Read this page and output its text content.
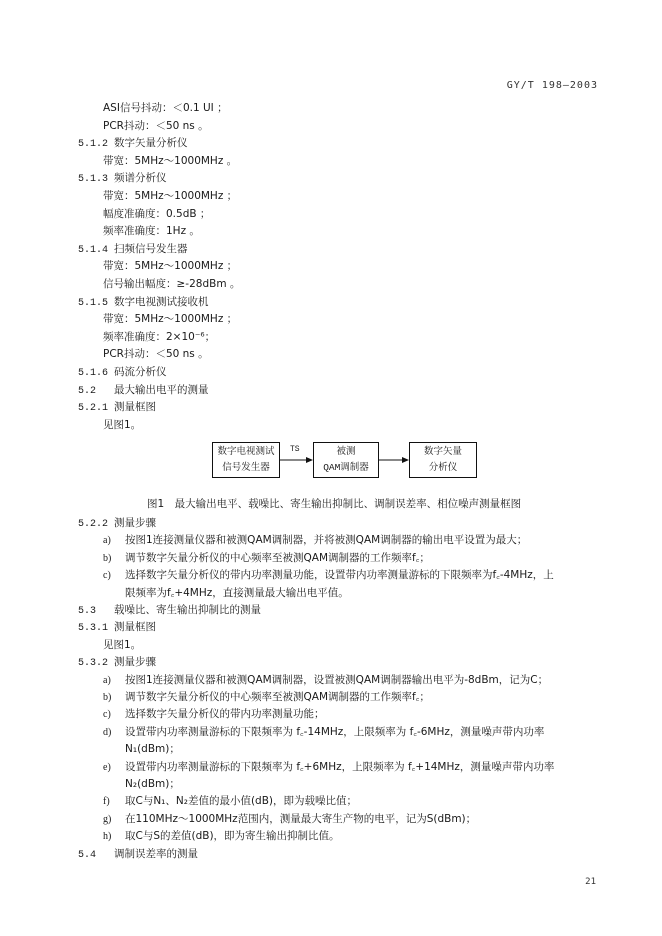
GY/T 198—2003
ASI信号抖动：＜0.1 UI ；
PCR抖动：＜50 ns 。
5.1.2 数字矢量分析仪
带宽：5MHz～1000MHz 。
5.1.3 频谱分析仪
带宽：5MHz～1000MHz ；
幅度准确度：0.5dB ；
频率准确度：1Hz 。
5.1.4 扫频信号发生器
带宽：5MHz～1000MHz ；
信号输出幅度：≥-28dBm 。
5.1.5 数字电视测试接收机
带宽：5MHz～1000MHz ；
频率准确度：2×10⁻⁶；
PCR抖动：＜50 ns 。
5.1.6 码流分析仪
5.2 最大输出电平的测量
5.2.1 测量框图
见图1。
数字电视测试
信号发生器
被测
QAM调制器
数字矢量
分析仪
TS
图1　最大输出电平、载噪比、寄生输出抑制比、调制误差率、相位噪声测量框图
5.2.2 测量步骤
a) 按图1连接测量仪器和被测QAM调制器，并将被测QAM调制器的输出电平设置为最大；
b) 调节数字矢量分析仪的中心频率至被测QAM调制器的工作频率f꜀；
c) 选择数字矢量分析仪的带内功率测量功能，设置带内功率测量游标的下限频率为f꜀-4MHz，上
限频率为f꜀+4MHz，直接测量最大输出电平值。
5.3 载噪比、寄生输出抑制比的测量
5.3.1 测量框图
见图1。
5.3.2 测量步骤
a) 按图1连接测量仪器和被测QAM调制器，设置被测QAM调制器输出电平为-8dBm，记为C；
b) 调节数字矢量分析仪的中心频率至被测QAM调制器的工作频率f꜀；
c) 选择数字矢量分析仪的带内功率测量功能；
d) 设置带内功率测量游标的下限频率为 f꜀-14MHz，上限频率为 f꜀-6MHz，测量噪声带内功率
N₁(dBm)；
e) 设置带内功率测量游标的下限频率为 f꜀+6MHz，上限频率为 f꜀+14MHz，测量噪声带内功率
N₂(dBm)；
f) 取C与N₁、N₂差值的最小值(dB)，即为载噪比值；
g) 在110MHz～1000MHz范围内，测量最大寄生产物的电平，记为S(dBm)；
h) 取C与S的差值(dB)，即为寄生输出抑制比值。
5.4 调制误差率的测量
21
